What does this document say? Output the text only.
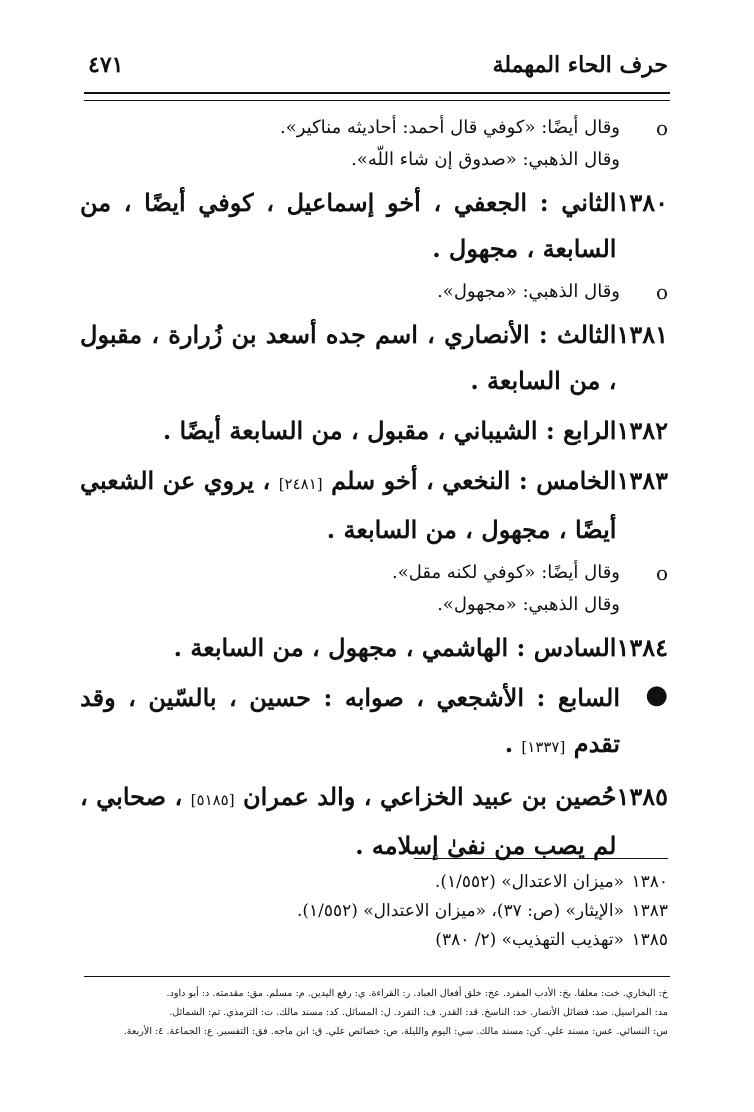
حرف الحاء المهملة
٤٧١
o
وقال أيضًا: «كوفي قال أحمد: أحاديثه مناكير».
وقال الذهبي: «صدوق إن شاء اللّه».
١٣٨٠
الثاني : الجعفي ، أخو إسماعيل ، كوفي أيضًا ، من السابعة ، مجهول .
o
وقال الذهبي: «مجهول».
١٣٨١
الثالث : الأنصاري ، اسم جده أسعد بن زُرارة ، مقبول ، من السابعة .
١٣٨٢
الرابع : الشيباني ، مقبول ، من السابعة أيضًا .
١٣٨٣
الخامس : النخعي ، أخو سلم [٢٤٨١] ، يروي عن الشعبي أيضًا ، مجهول ، من السابعة .
o
وقال أيضًا: «كوفي لكنه مقل».
وقال الذهبي: «مجهول».
١٣٨٤
السادس : الهاشمي ، مجهول ، من السابعة .
●
السابع : الأشجعي ، صوابه : حسين ، بالسّين ، وقد تقدم [١٣٣٧] .
١٣٨٥
حُصين بن عبيد الخزاعي ، والد عمران [٥١٨٥] ، صحابي ، لم يصب من نفىٰ إسلامه .
١٣٨٠
«ميزان الاعتدال» (١/٥٥٢).
١٣٨٣
«الإيثار» (ص: ٣٧)، «ميزان الاعتدال» (١/٥٥٢).
١٣٨٥
«تهذيب التهذيب» (٢/ ٣٨٠)
خ: البخاري. خت: معلقا. بخ: الأدب المفرد. عخ: خلق أفعال العباد. ر: القراءة. ي: رفع اليدين. م: مسلم. مق: مقدمته. د: أبو داود.
مد: المراسيل. صد: فضائل الأنصار. خد: الناسخ. قد: القدر. ف: التفرد. ل: المسائل. كد: مسند مالك. ت: الترمذي. تم: الشمائل.
س: النسائي. عس: مسند علي. كن: مسند مالك. سي: اليوم والليلة. ص: خصائص علي. ق: ابن ماجه. فق: التفسير. ع: الجماعة. ٤: الأربعة.
